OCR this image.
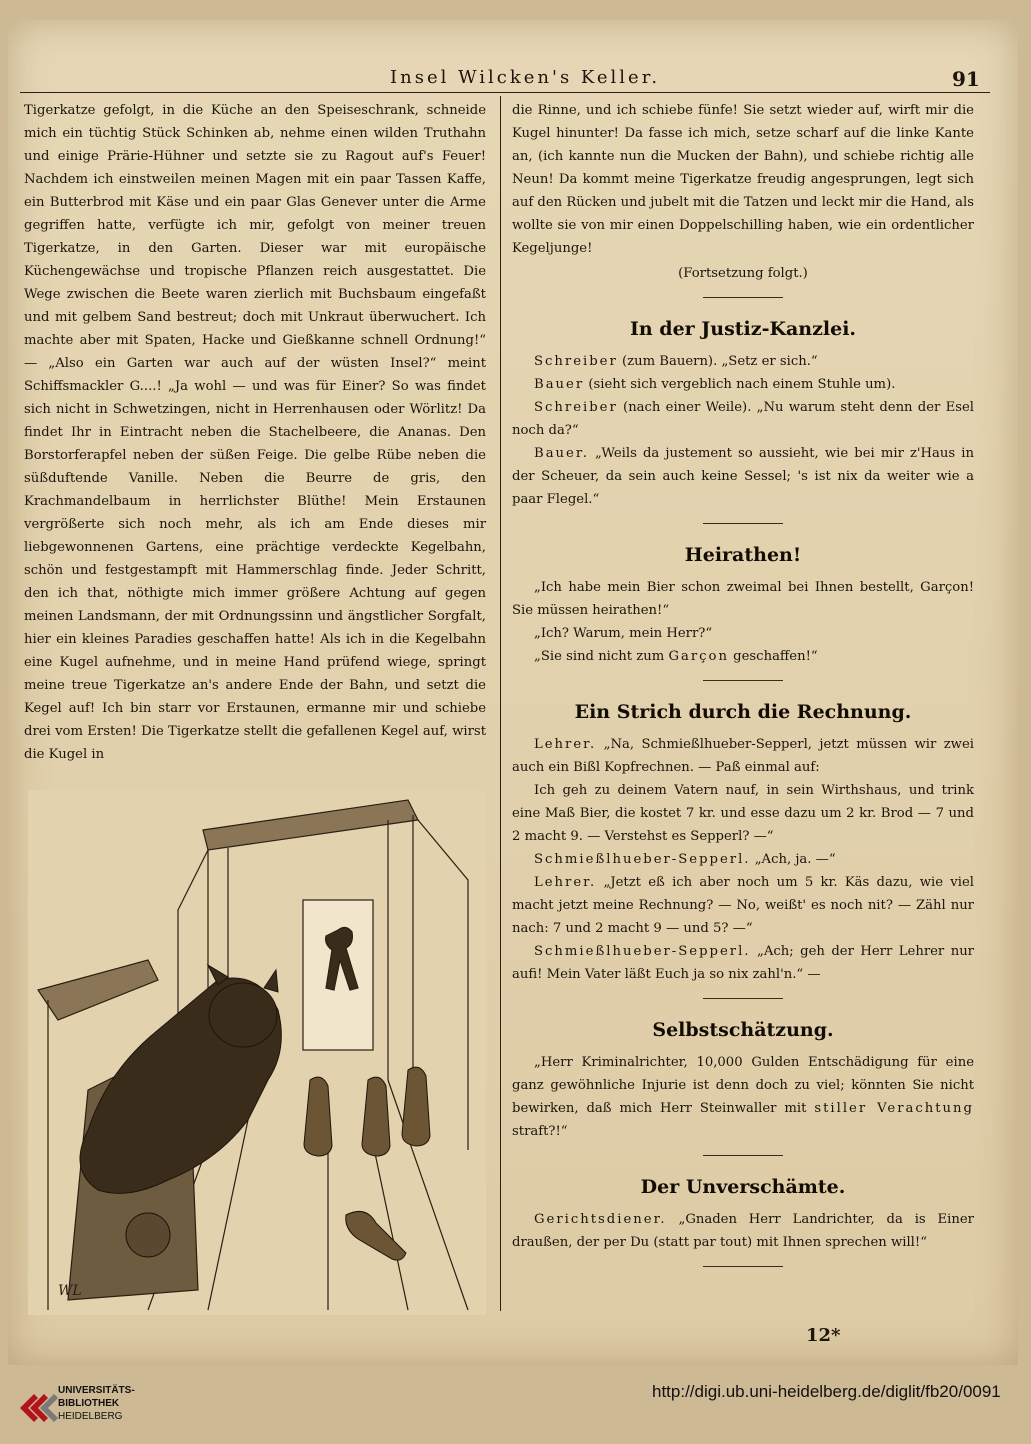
Insel Wilcken's Keller.	91

Tigerkatze gefolgt, in die Küche an den Speiseschrank, schneide mich ein tüchtig Stück Schinken ab, nehme einen wilden Truthahn und einige Prärie-Hühner und setzte sie zu Ragout auf's Feuer! Nachdem ich einstweilen meinen Magen mit ein paar Tassen Kaffe, ein Butterbrod mit Käse und ein paar Glas Genever unter die Arme gegriffen hatte, verfügte ich mir, gefolgt von meiner treuen Tigerkatze, in den Garten. Dieser war mit europäische Küchengewächse und tropische Pflanzen reich ausgestattet. Die Wege zwischen die Beete waren zierlich mit Buchsbaum eingefaßt und mit gelbem Sand bestreut; doch mit Unkraut überwuchert. Ich machte aber mit Spaten, Hacke und Gießkanne schnell Ordnung!“ — „Also ein Garten war auch auf der wüsten Insel?“ meint Schiffsmackler G....! „Ja wohl — und was für Einer? So was findet sich nicht in Schwetzingen, nicht in Herrenhausen oder Wörlitz! Da findet Ihr in Eintracht neben die Stachelbeere, die Ananas. Den Borstorferapfel neben der süßen Feige. Die gelbe Rübe neben die süßduftende Vanille. Neben die Beurre de gris, den Krachmandelbaum in herrlichster Blüthe! Mein Erstaunen vergrößerte sich noch mehr, als ich am Ende dieses mir liebgewonnenen Gartens, eine prächtige verdeckte Kegelbahn, schön und festgestampft mit Hammerschlag finde. Jeder Schritt, den ich that, nöthigte mich immer größere Achtung auf gegen meinen Landsmann, der mit Ordnungssinn und ängstlicher Sorgfalt, hier ein kleines Paradies geschaffen hatte! Als ich in die Kegelbahn eine Kugel aufnehme, und in meine Hand prüfend wiege, springt meine treue Tigerkatze an's andere Ende der Bahn, und setzt die Kegel auf! Ich bin starr vor Erstaunen, ermanne mir und schiebe drei vom Ersten! Die Tigerkatze stellt die gefallenen Kegel auf, wirst die Kugel in

WL

die Rinne, und ich schiebe fünfe! Sie setzt wieder auf, wirft mir die Kugel hinunter! Da fasse ich mich, setze scharf auf die linke Kante an, (ich kannte nun die Mucken der Bahn), und schiebe richtig alle Neun! Da kommt meine Tigerkatze freudig angesprungen, legt sich auf den Rücken und jubelt mit die Tatzen und leckt mir die Hand, als wollte sie von mir einen Doppelschilling haben, wie ein ordentlicher Kegeljunge!

(Fortsetzung folgt.)

In der Justiz-Kanzlei.

Schreiber (zum Bauern). „Setz er sich.“

Bauer (sieht sich vergeblich nach einem Stuhle um).

Schreiber (nach einer Weile). „Nu warum steht denn der Esel noch da?“

Bauer. „Weils da justement so aussieht, wie bei mir z'Haus in der Scheuer, da sein auch keine Sessel; 's ist nix da weiter wie a paar Flegel.“

Heirathen!

„Ich habe mein Bier schon zweimal bei Ihnen bestellt, Garçon! Sie müssen heirathen!“

„Ich? Warum, mein Herr?“

„Sie sind nicht zum Garçon geschaffen!“

Ein Strich durch die Rechnung.

Lehrer. „Na, Schmießlhueber-Sepperl, jetzt müssen wir zwei auch ein Bißl Kopfrechnen. — Paß einmal auf:

Ich geh zu deinem Vatern nauf, in sein Wirthshaus, und trink eine Maß Bier, die kostet 7 kr. und esse dazu um 2 kr. Brod — 7 und 2 macht 9. — Verstehst es Sepperl? —“

Schmießlhueber-Sepperl. „Ach, ja. —“

Lehrer. „Jetzt eß ich aber noch um 5 kr. Käs dazu, wie viel macht jetzt meine Rechnung? — No, weißt' es noch nit? — Zähl nur nach: 7 und 2 macht 9 — und 5? —“

Schmießlhueber-Sepperl. „Ach; geh der Herr Lehrer nur aufi! Mein Vater läßt Euch ja so nix zahl'n.“ —

Selbstschätzung.

„Herr Kriminalrichter, 10,000 Gulden Entschädigung für eine ganz gewöhnliche Injurie ist denn doch zu viel; könnten Sie nicht bewirken, daß mich Herr Steinwaller mit stiller Verachtung straft?!“

Der Unverschämte.

Gerichtsdiener. „Gnaden Herr Landrichter, da is Einer draußen, der per Du (statt par tout) mit Ihnen sprechen will!“

12*
UNIVERSITÄTS-
BIBLIOTHEK
HEIDELBERG
http://digi.ub.uni-heidelberg.de/diglit/fb20/0091
